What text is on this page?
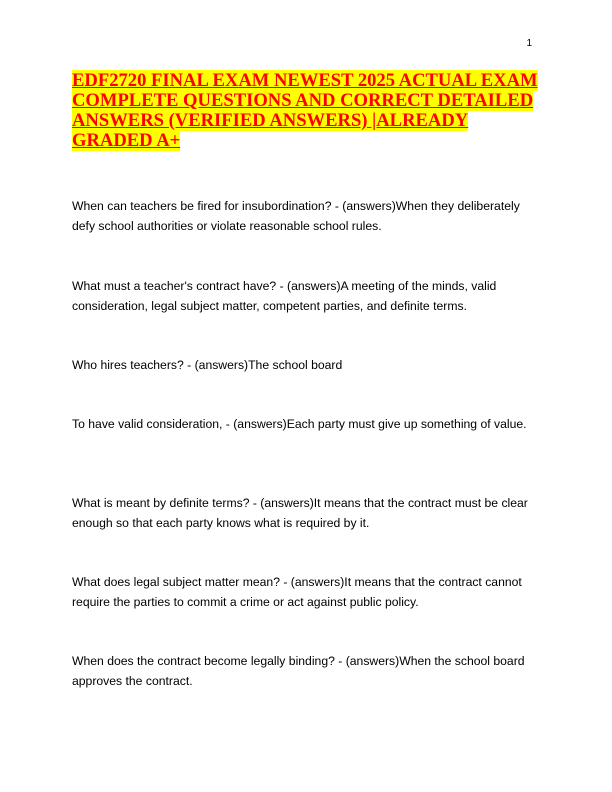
1
EDF2720 FINAL EXAM NEWEST 2025 ACTUAL EXAM COMPLETE QUESTIONS AND CORRECT DETAILED ANSWERS (VERIFIED ANSWERS) |ALREADY GRADED A+

When can teachers be fired for insubordination? - (answers)When they deliberately defy school authorities or violate reasonable school rules.

What must a teacher's contract have? - (answers)A meeting of the minds, valid consideration, legal subject matter, competent parties, and definite terms.

Who hires teachers? - (answers)The school board

To have valid consideration, - (answers)Each party must give up something of value.

What is meant by definite terms? - (answers)It means that the contract must be clear enough so that each party knows what is required by it.

What does legal subject matter mean? - (answers)It means that the contract cannot require the parties to commit a crime or act against public policy.

When does the contract become legally binding? - (answers)When the school board approves the contract.
